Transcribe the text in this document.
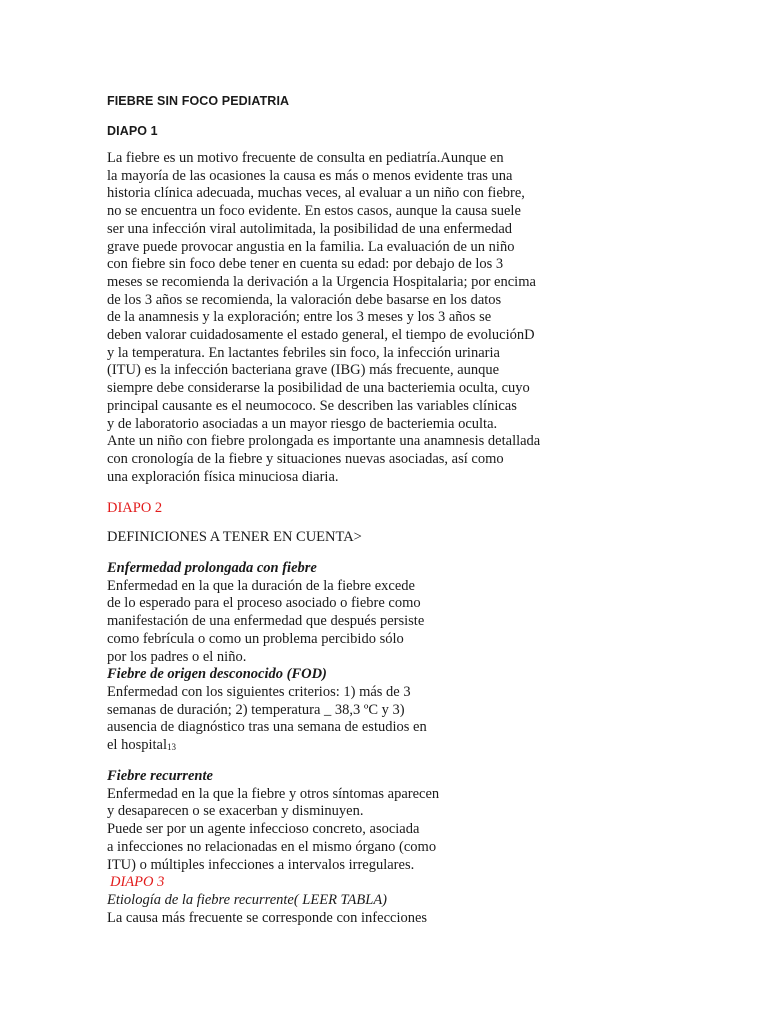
FIEBRE SIN FOCO PEDIATRIA

DIAPO 1

La fiebre es un motivo frecuente de consulta en pediatría.Aunque en
la mayoría de las ocasiones la causa es más o menos evidente tras una
historia clínica adecuada, muchas veces, al evaluar a un niño con fiebre,
no se encuentra un foco evidente. En estos casos, aunque la causa suele
ser una infección viral autolimitada, la posibilidad de una enfermedad
grave puede provocar angustia en la familia. La evaluación de un niño
con fiebre sin foco debe tener en cuenta su edad: por debajo de los 3
meses se recomienda la derivación a la Urgencia Hospitalaria; por encima
de los 3 años se recomienda, la valoración debe basarse en los datos
de la anamnesis y la exploración; entre los 3 meses y los 3 años se
deben valorar cuidadosamente el estado general, el tiempo de evoluciónD
y la temperatura. En lactantes febriles sin foco, la infección urinaria
(ITU) es la infección bacteriana grave (IBG) más frecuente, aunque
siempre debe considerarse la posibilidad de una bacteriemia oculta, cuyo
principal causante es el neumococo. Se describen las variables clínicas
y de laboratorio asociadas a un mayor riesgo de bacteriemia oculta.
Ante un niño con fiebre prolongada es importante una anamnesis detallada
con cronología de la fiebre y situaciones nuevas asociadas, así como
una exploración física minuciosa diaria.
DIAPO 2
DEFINICIONES A TENER EN CUENTA>
Enfermedad prolongada con fiebre
Enfermedad en la que la duración de la fiebre excede
de lo esperado para el proceso asociado o fiebre como
manifestación de una enfermedad que después persiste
como febrícula o como un problema percibido sólo
por los padres o el niño.
Fiebre de origen desconocido (FOD)
Enfermedad con los siguientes criterios: 1) más de 3
semanas de duración; 2) temperatura _ 38,3 ºC y 3)
ausencia de diagnóstico tras una semana de estudios en
el hospital13
Fiebre recurrente
Enfermedad en la que la fiebre y otros síntomas aparecen
y desaparecen o se exacerban y disminuyen.
Puede ser por un agente infeccioso concreto, asociada
a infecciones no relacionadas en el mismo órgano (como
ITU) o múltiples infecciones a intervalos irregulares.
DIAPO 3
Etiología de la fiebre recurrente( LEER TABLA)
La causa más frecuente se corresponde con infecciones
